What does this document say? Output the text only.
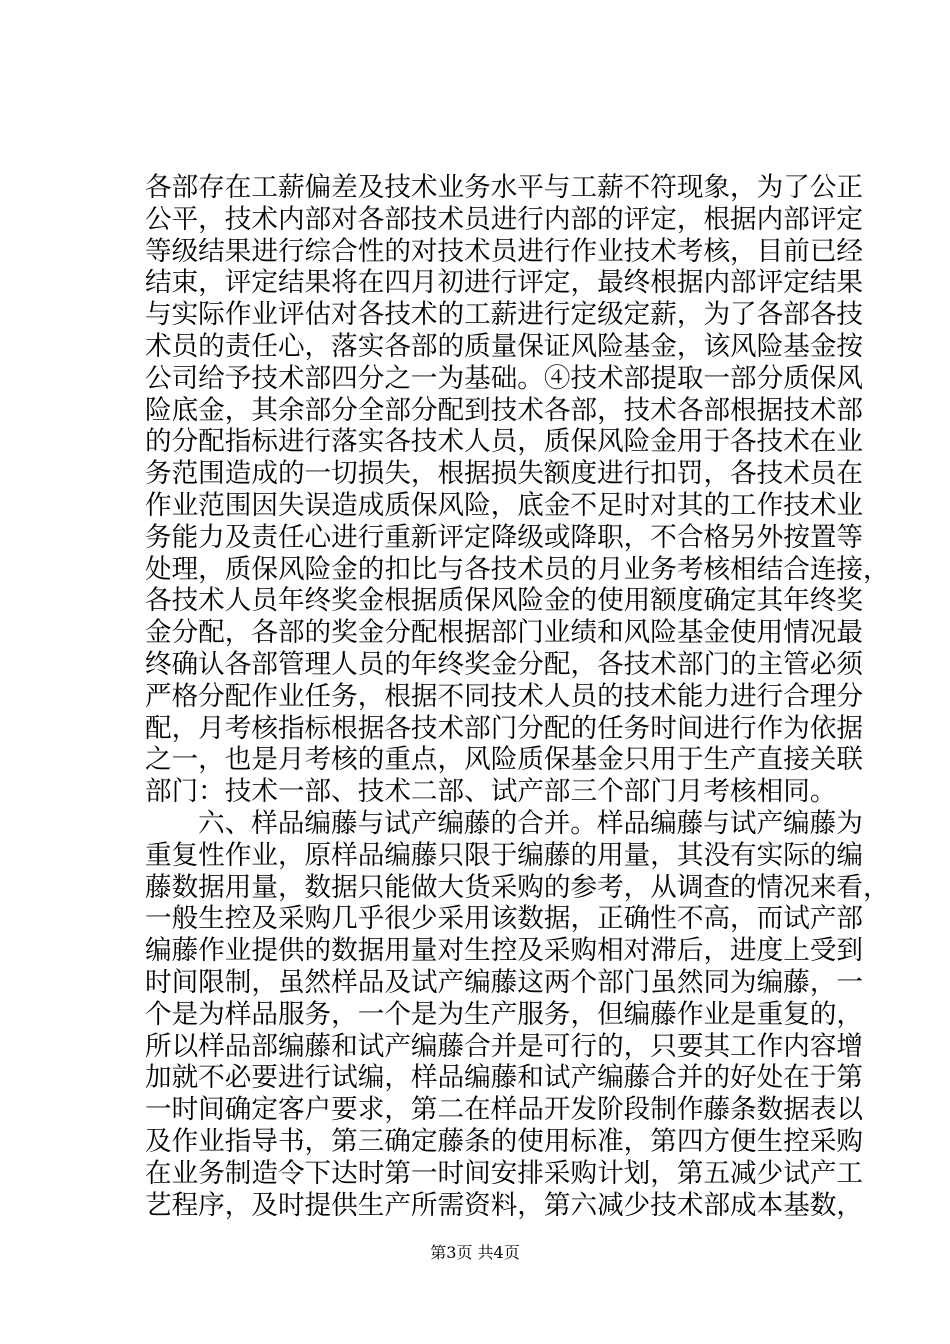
各部存在工薪偏差及技术业务水平与工薪不符现象，为了公正
公平，技术内部对各部技术员进行内部的评定，根据内部评定
等级结果进行综合性的对技术员进行作业技术考核，目前已经
结束，评定结果将在四月初进行评定，最终根据内部评定结果
与实际作业评估对各技术的工薪进行定级定薪，为了各部各技
术员的责任心，落实各部的质量保证风险基金，该风险基金按
公司给予技术部四分之一为基础。④技术部提取一部分质保风
险底金，其余部分全部分配到技术各部，技术各部根据技术部
的分配指标进行落实各技术人员，质保风险金用于各技术在业
务范围造成的一切损失，根据损失额度进行扣罚，各技术员在
作业范围因失误造成质保风险，底金不足时对其的工作技术业
务能力及责任心进行重新评定降级或降职，不合格另外按置等
处理，质保风险金的扣比与各技术员的月业务考核相结合连接，
各技术人员年终奖金根据质保风险金的使用额度确定其年终奖
金分配，各部的奖金分配根据部门业绩和风险基金使用情况最
终确认各部管理人员的年终奖金分配，各技术部门的主管必须
严格分配作业任务，根据不同技术人员的技术能力进行合理分
配，月考核指标根据各技术部门分配的任务时间进行作为依据
之一，也是月考核的重点，风险质保基金只用于生产直接关联
部门：技术一部、技术二部、试产部三个部门月考核相同。
六、样品编藤与试产编藤的合并。样品编藤与试产编藤为
重复性作业，原样品编藤只限于编藤的用量，其没有实际的编
藤数据用量，数据只能做大货采购的参考，从调查的情况来看，
一般生控及采购几乎很少采用该数据，正确性不高，而试产部
编藤作业提供的数据用量对生控及采购相对滞后，进度上受到
时间限制，虽然样品及试产编藤这两个部门虽然同为编藤，一
个是为样品服务，一个是为生产服务，但编藤作业是重复的，
所以样品部编藤和试产编藤合并是可行的，只要其工作内容增
加就不必要进行试编，样品编藤和试产编藤合并的好处在于第
一时间确定客户要求，第二在样品开发阶段制作藤条数据表以
及作业指导书，第三确定藤条的使用标准，第四方便生控采购
在业务制造令下达时第一时间安排采购计划，第五减少试产工
艺程序，及时提供生产所需资料，第六减少技术部成本基数，
第3页 共4页
